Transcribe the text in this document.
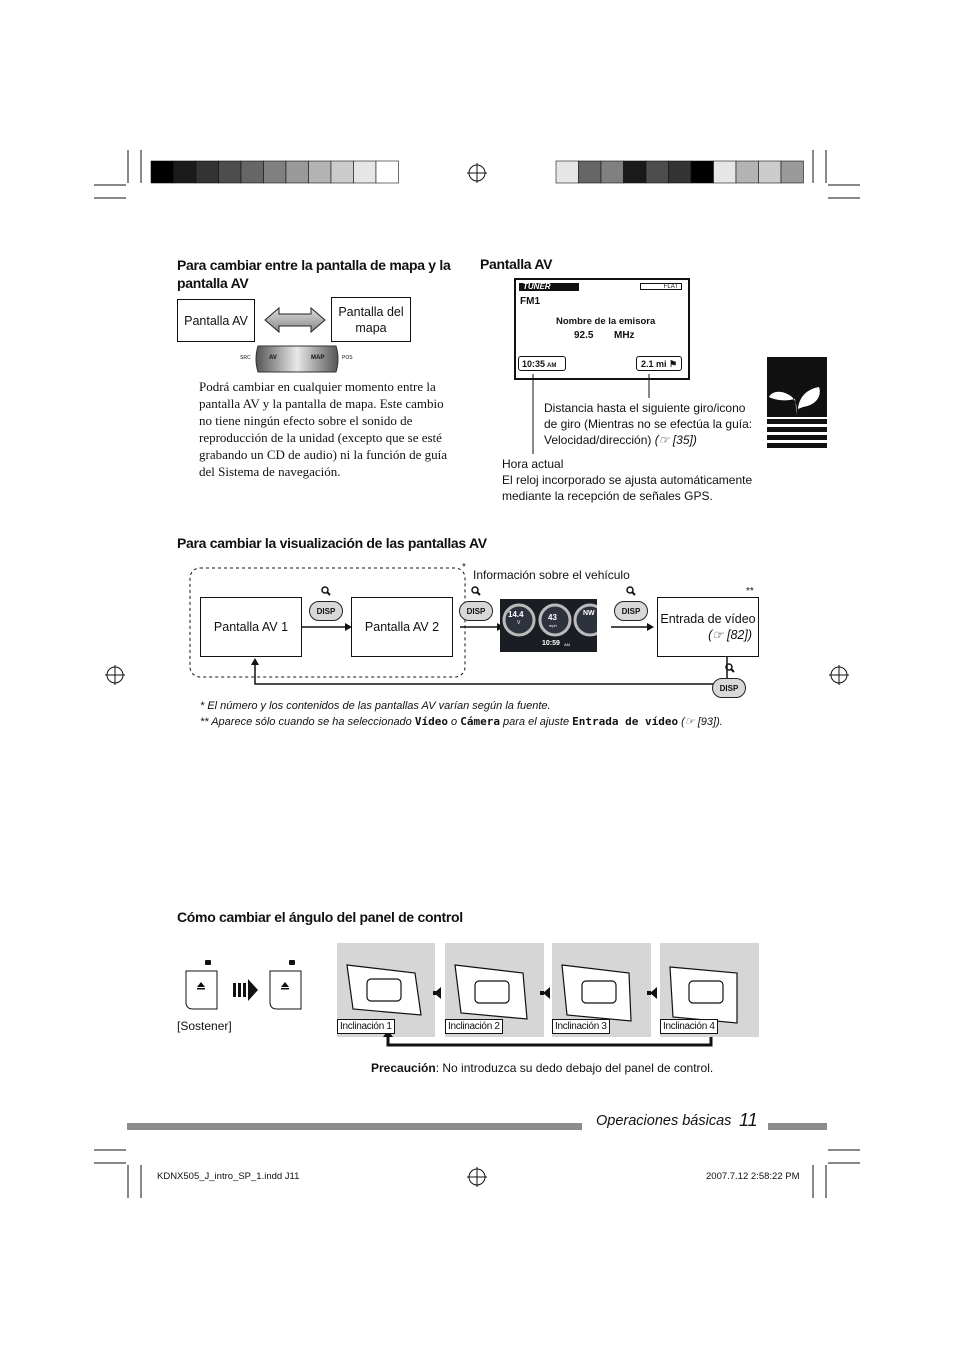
Para cambiar entre la pantalla de mapa y la pantalla AV
Pantalla AV
Pantalla del mapa
SRC	AV	MAP	POS
Podrá cambiar en cualquier momento entre la pantalla AV y la pantalla de mapa. Este cambio no tiene ningún efecto sobre el sonido de reproducción de la unidad (excepto que se esté grabando un CD de audio) ni la función de guía del Sistema de navegación.
Pantalla AV
TUNER	FLAT
FM1
Nombre de la emisora
92.5 MHz
10:35 AM	2.1 mi ⚑
Distancia hasta el siguiente giro/icono de giro (Mientras no se efectúa la guía: Velocidad/dirección) (☞ [35])
Hora actual
El reloj incorporado se ajusta automáticamente mediante la recepción de señales GPS.
Para cambiar la visualización de las pantallas AV
*
Información sobre el vehículo
Pantalla AV 1	Pantalla AV 2
14.4
V
43
mph
NW
10:59 AM
Entrada de vídeo
(☞ [82])
**
DISP	DISP	DISP
DISP
* El número y los contenidos de las pantallas AV varían según la fuente.
** Aparece sólo cuando se ha seleccionado Vídeo o Cámera para el ajuste Entrada de vídeo (☞ [93]).
Cómo cambiar el ángulo del panel de control
[Sostener]	Inclinación 1	Inclinación 2	Inclinación 3	Inclinación 4
Precaución: No introduzca su dedo debajo del panel de control.
Operaciones básicas 11
KDNX505_J_intro_SP_1.indd J11	2007.7.12 2:58:22 PM
